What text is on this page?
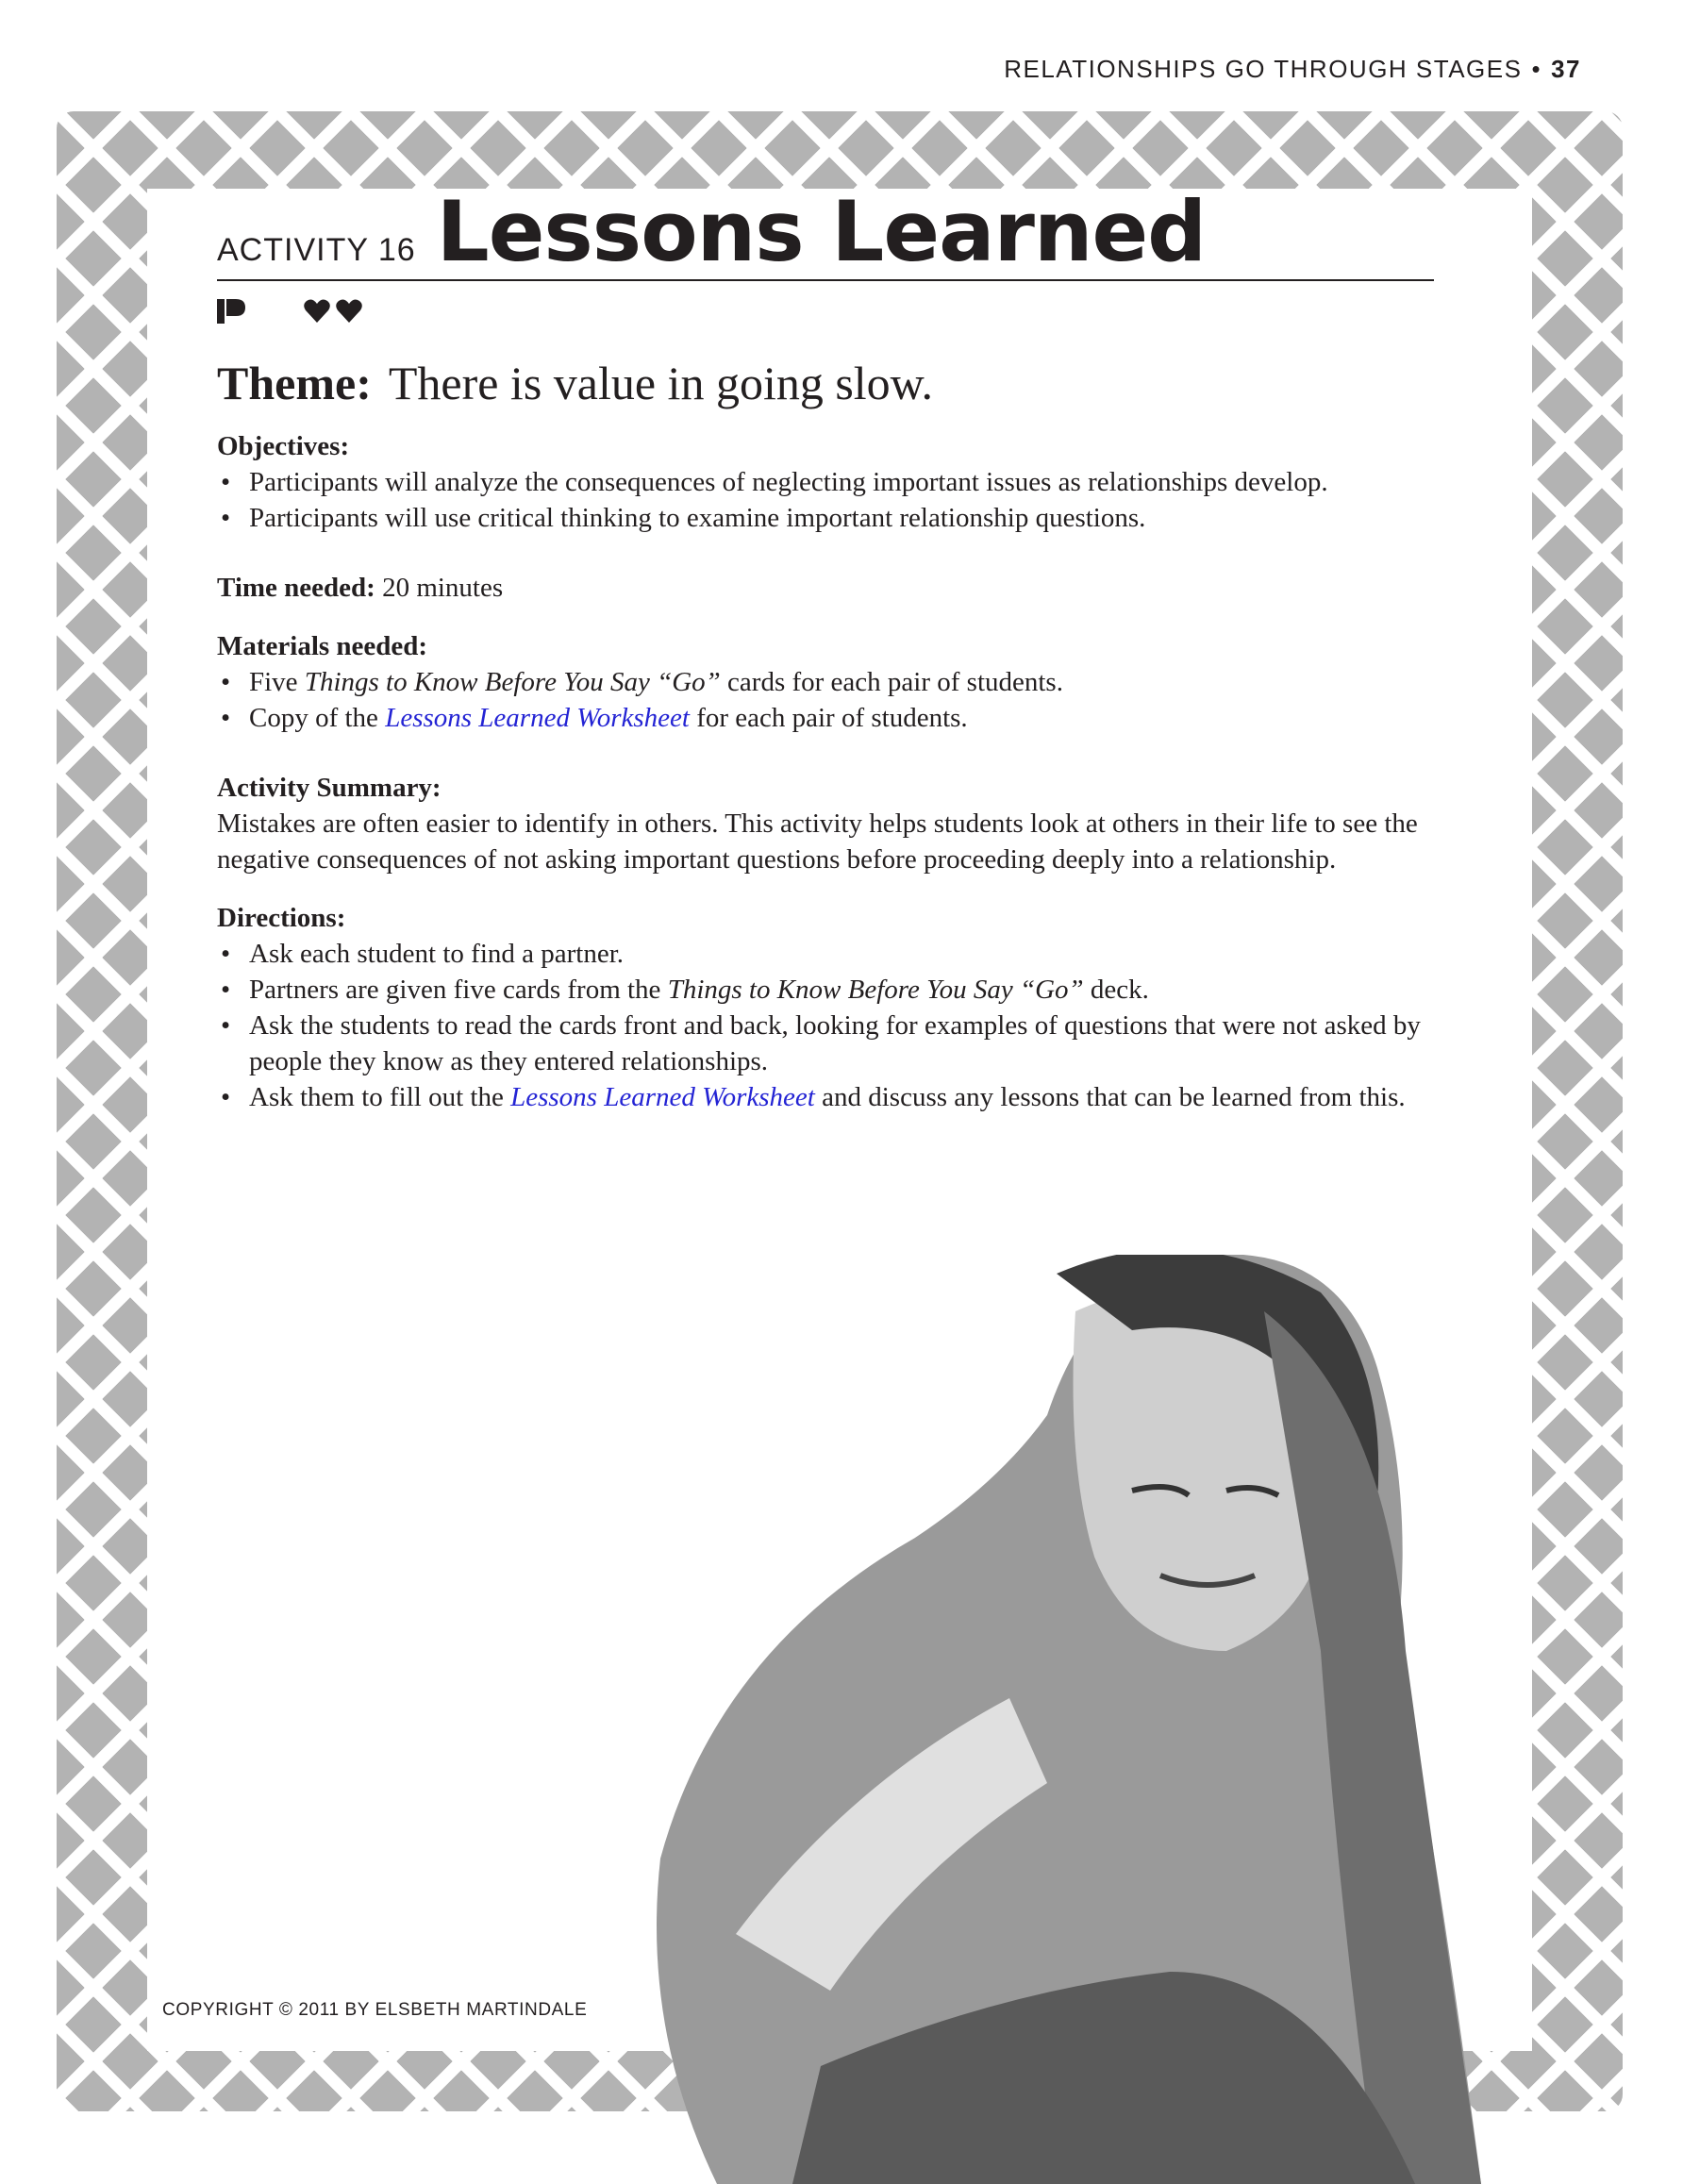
RELATIONSHIPS GO THROUGH STAGES • 37
ACTIVITY 16 Lessons Learned
Theme: There is value in going slow.
Objectives:
• Participants will analyze the consequences of neglecting important issues as relationships develop.
• Participants will use critical thinking to examine important relationship questions.
Time needed: 20 minutes
Materials needed:
• Five Things to Know Before You Say “Go” cards for each pair of students.
• Copy of the Lessons Learned Worksheet for each pair of students.
Activity Summary:
Mistakes are often easier to identify in others. This activity helps students look at others in their life to see the negative consequences of not asking important questions before proceeding deeply into a relationship.
Directions:
• Ask each student to find a partner.
• Partners are given five cards from the Things to Know Before You Say “Go” deck.
• Ask the students to read the cards front and back, looking for examples of questions that were not asked by people they know as they entered relationships.
• Ask them to fill out the Lessons Learned Worksheet and discuss any lessons that can be learned from this.
COPYRIGHT © 2011 BY ELSBETH MARTINDALE
